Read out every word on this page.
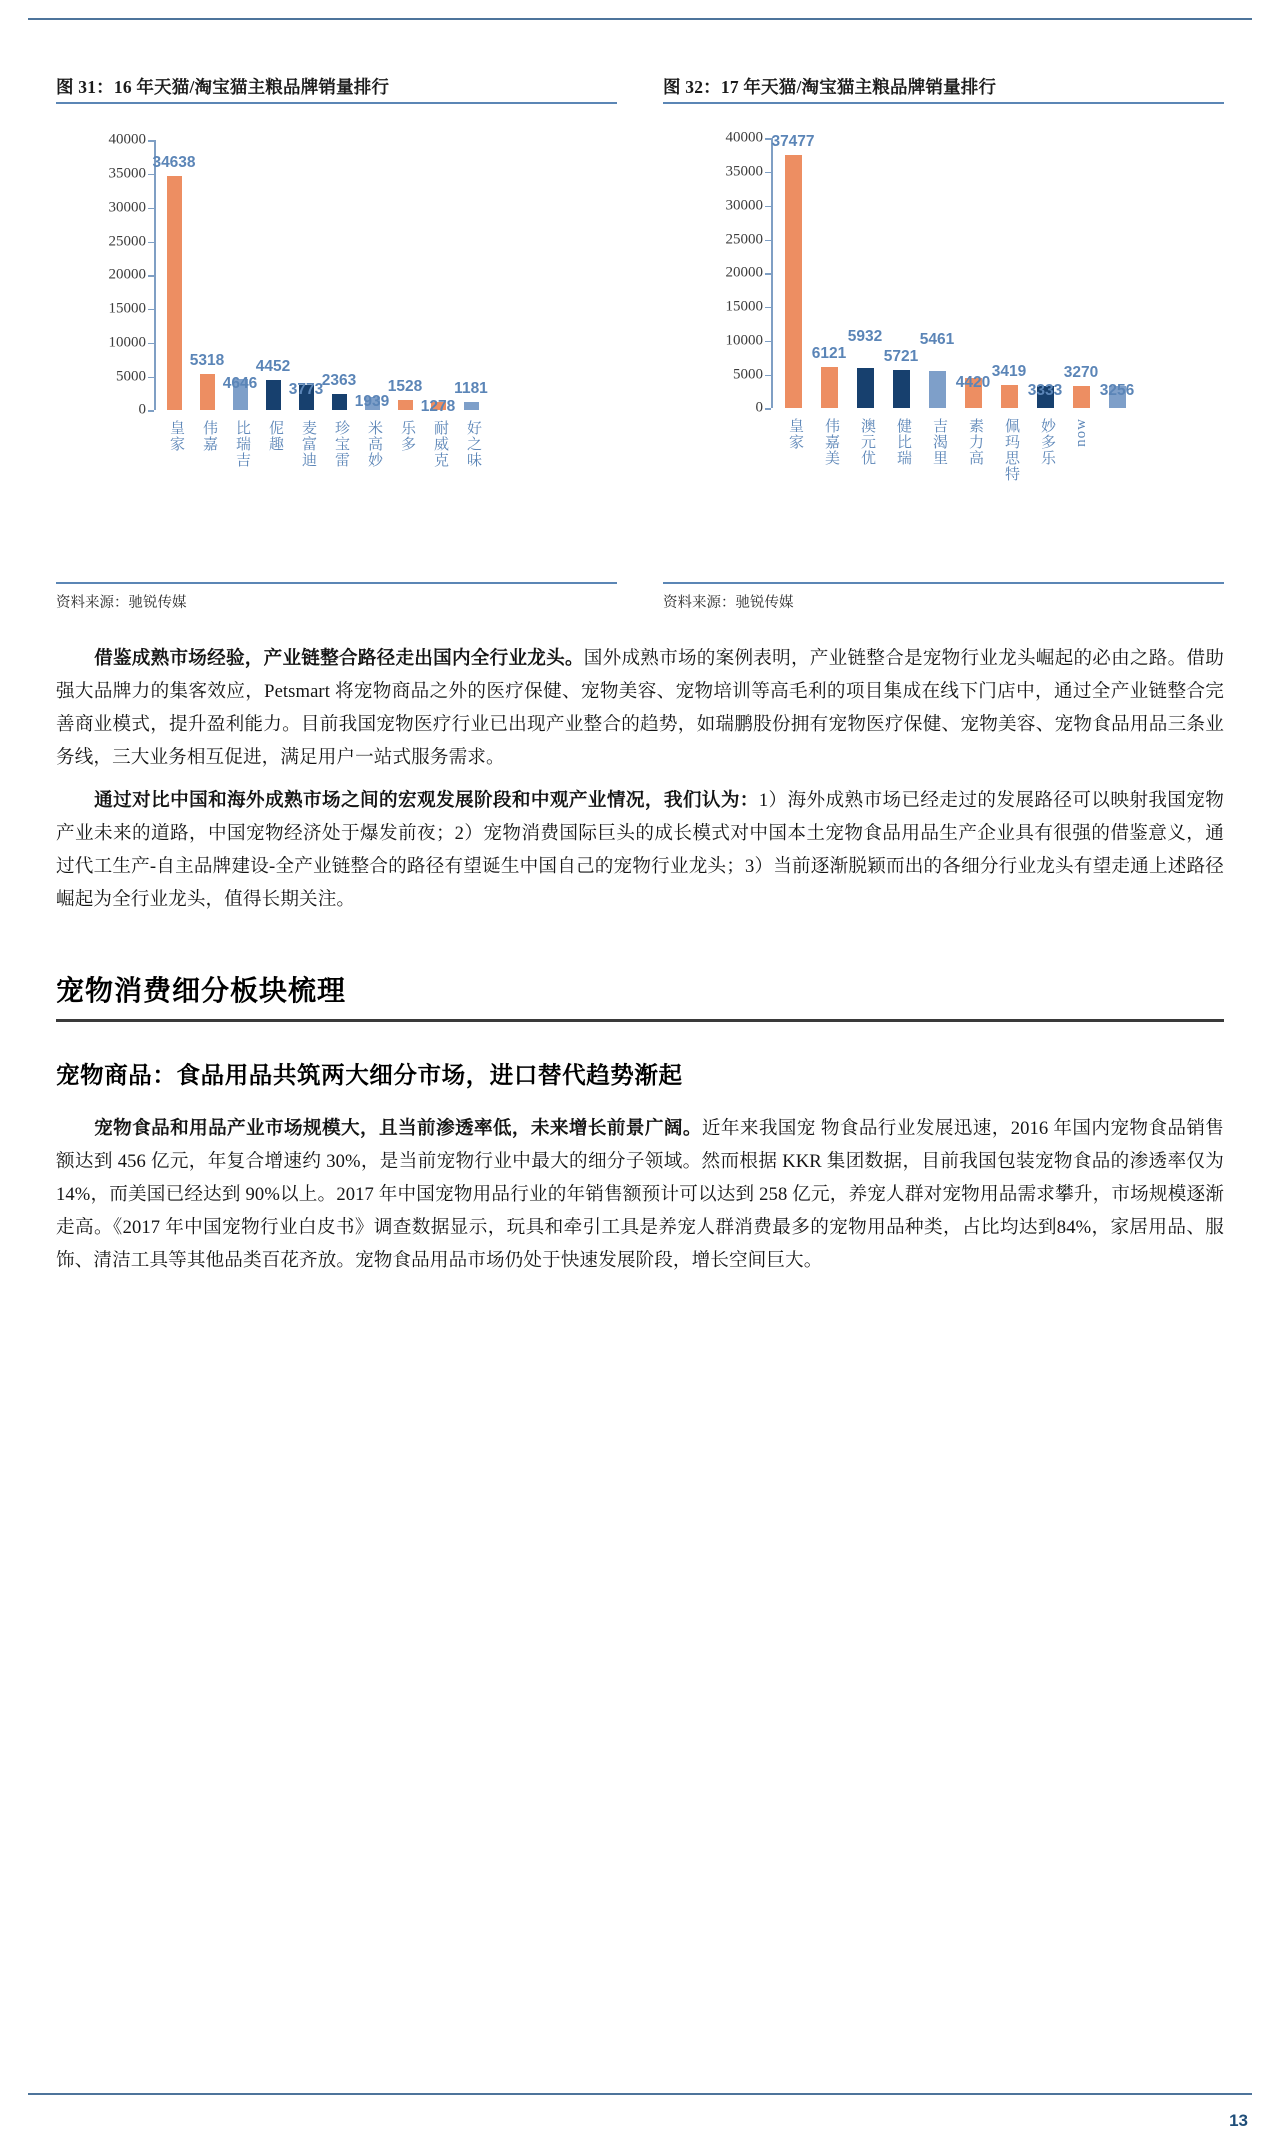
13
图 31：16 年天猫/淘宝猫主粮品牌销量排行
0
5000
10000
15000
20000
25000
30000
35000
40000
34638
5318
4646
4452
3773
2363
1939
1528
1278
1181
皇家 伟嘉 比瑞吉 伲趣 麦富迪 珍宝雷 米高妙 乐多 耐威克 好之味
资料来源：驰锐传媒
图 32：17 年天猫/淘宝猫主粮品牌销量排行
0
5000
10000
15000
20000
25000
30000
35000
40000 37477
6121
5932
5721
5461
4420
3419
3333
3270
3256
皇家 伟嘉美 澳元优 健比瑞 吉渴里 素力高 佩玛思特 妙多乐 now
资料来源：驰锐传媒

借鉴成熟市场经验，产业链整合路径走出国内全行业龙头。国外成熟市场的案例表明，产业链整合是宠物行业龙头崛起的必由之路。借助强大品牌力的集客效应，Petsmart 将宠物商品之外的医疗保健、宠物美容、宠物培训等高毛利的项目集成在线下门店中，通过全产业链整合完善商业模式，提升盈利能力。目前我国宠物医疗行业已出现产业整合的趋势，如瑞鹏股份拥有宠物医疗保健、宠物美容、宠物食品用品三条业务线，三大业务相互促进，满足用户一站式服务需求。

通过对比中国和海外成熟市场之间的宏观发展阶段和中观产业情况，我们认为：1）海外成熟市场已经走过的发展路径可以映射我国宠物产业未来的道路，中国宠物经济处于爆发前夜；2）宠物消费国际巨头的成长模式对中国本土宠物食品用品生产企业具有很强的借鉴意义，通过代工生产-自主品牌建设-全产业链整合的路径有望诞生中国自己的宠物行业龙头；3）当前逐渐脱颖而出的各细分行业龙头有望走通上述路径崛起为全行业龙头，值得长期关注。

宠物消费细分板块梳理
宠物商品：食品用品共筑两大细分市场，进口替代趋势渐起

宠物食品和用品产业市场规模大，且当前渗透率低，未来增长前景广阔。近年来我国宠 物食品行业发展迅速，2016 年国内宠物食品销售额达到 456 亿元，年复合增速约 30%，是当前宠物行业中最大的细分子领域。然而根据 KKR 集团数据，目前我国包装宠物食品的渗透率仅为 14%，而美国已经达到 90%以上。2017 年中国宠物用品行业的年销售额预计可以达到 258 亿元，养宠人群对宠物用品需求攀升，市场规模逐渐走高。《2017 年中国宠物行业白皮书》调查数据显示，玩具和牵引工具是养宠人群消费最多的宠物用品种类，占比均达到84%，家居用品、服饰、清洁工具等其他品类百花齐放。宠物食品用品市场仍处于快速发展阶段，增长空间巨大。
